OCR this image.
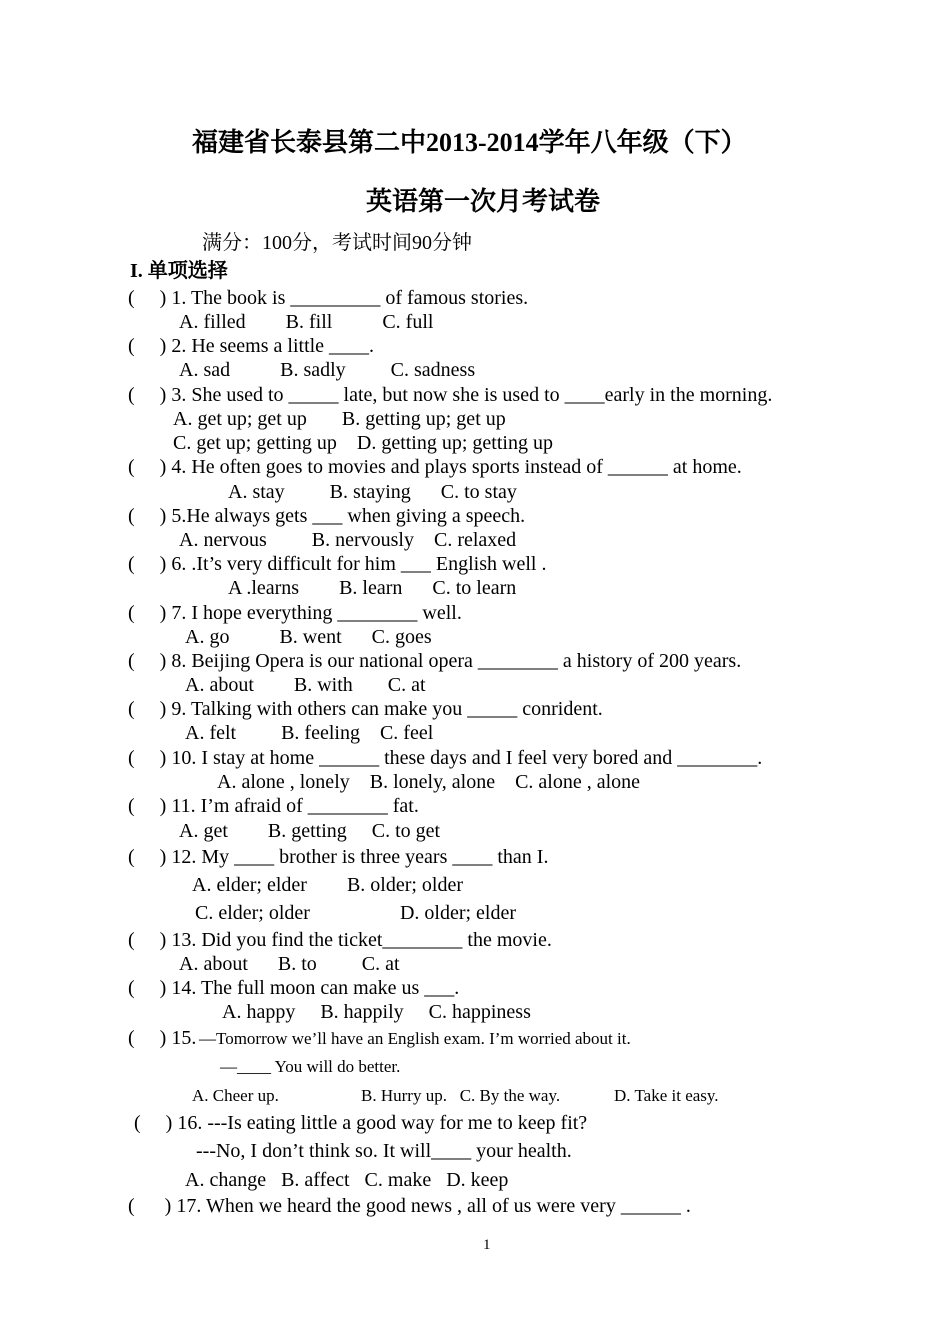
福建省长泰县第二中2013-2014学年八年级（下）
英语第一次月考试卷
满分：100分，考试时间90分钟
I. 单项选择
(     ) 1. The book is _________ of famous stories.
A. filled        B. fill          C. full
(     ) 2. He seems a little ____.
A. sad          B. sadly         C. sadness
(     ) 3. She used to _____ late, but now she is used to ____early in the morning.
A. get up; get up       B. getting up; get up
C. get up; getting up    D. getting up; getting up
(     ) 4. He often goes to movies and plays sports instead of ______ at home.
A. stay         B. staying      C. to stay
(     ) 5.He always gets ___ when giving a speech.
A. nervous         B. nervously    C. relaxed
(     ) 6. .It’s very difficult for him ___ English well .
A .learns        B. learn      C. to learn
(     ) 7. I hope everything ________ well.
A. go          B. went      C. goes
(     ) 8. Beijing Opera is our national opera ________ a history of 200 years.
A. about        B. with       C. at
(     ) 9. Talking with others can make you _____ conrident.
A. felt         B. feeling    C. feel
(     ) 10. I stay at home ______ these days and I feel very bored and ________.
A. alone , lonely    B. lonely, alone    C. alone , alone
(     ) 11. I’m afraid of ________ fat.
A. get        B. getting     C. to get
(     ) 12. My ____ brother is three years ____ than I.
A. elder; elder        B. older; older
C. elder; older                  D. older; elder
(     ) 13. Did you find the ticket________ the movie.
A. about      B. to         C. at
(     ) 14. The full moon can make us ___.
A. happy     B. happily     C. happiness
(     ) 15. —Tomorrow we’ll have an English exam. I’m worried about it.
—____ You will do better.
A. Cheer up.	B. Hurry up.   C. By the way.	D. Take it easy.
(     ) 16. ---Is eating little a good way for me to keep fit?
---No, I don’t think so. It will____ your health.
A. change   B. affect   C. make   D. keep
(      ) 17. When we heard the good news , all of us were very ______ .
1
